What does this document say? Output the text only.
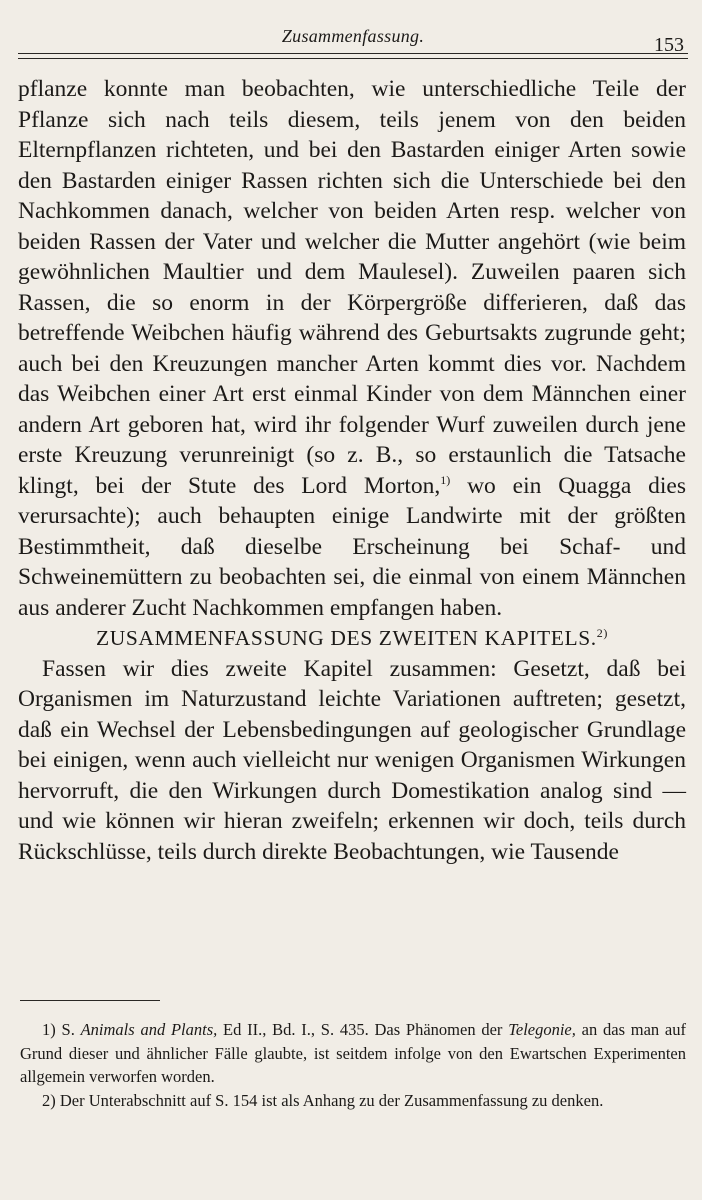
Zusammenfassung.	153

pflanze konnte man beobachten, wie unterschiedliche Teile der Pflanze sich nach teils diesem, teils jenem von den beiden Elternpflanzen richteten, und bei den Bastarden einiger Arten sowie den Bastarden einiger Rassen richten sich die Unterschiede bei den Nachkommen danach, welcher von beiden Arten resp. welcher von beiden Rassen der Vater und welcher die Mutter angehört (wie beim gewöhnlichen Maultier und dem Maulesel). Zuweilen paaren sich Rassen, die so enorm in der Körpergröße differieren, daß das betreffende Weibchen häufig während des Geburtsakts zugrunde geht; auch bei den Kreuzungen mancher Arten kommt dies vor. Nachdem das Weibchen einer Art erst einmal Kinder von dem Männchen einer andern Art geboren hat, wird ihr folgender Wurf zuweilen durch jene erste Kreuzung verunreinigt (so z. B., so erstaunlich die Tatsache klingt, bei der Stute des Lord Morton,$^{1)}$ wo ein Quagga dies verursachte); auch behaupten einige Landwirte mit der größten Bestimmtheit, daß dieselbe Erscheinung bei Schaf- und Schweinemüttern zu beobachten sei, die einmal von einem Männchen aus anderer Zucht Nachkommen empfangen haben.

ZUSAMMENFASSUNG DES ZWEITEN KAPITELS.$^{2)}$

Fassen wir dies zweite Kapitel zusammen: Gesetzt, daß bei Organismen im Naturzustand leichte Variationen auftreten; gesetzt, daß ein Wechsel der Lebensbedingungen auf geologischer Grundlage bei einigen, wenn auch vielleicht nur wenigen Organismen Wirkungen hervorruft, die den Wirkungen durch Domestikation analog sind — und wie können wir hieran zweifeln; erkennen wir doch, teils durch Rückschlüsse, teils durch direkte Beobachtungen, wie Tausende

1) S. Animals and Plants, Ed II., Bd. I., S. 435. Das Phänomen der Telegonie, an das man auf Grund dieser und ähnlicher Fälle glaubte, ist seitdem infolge von den Ewartschen Experimenten allgemein verworfen worden.

2) Der Unterabschnitt auf S. 154 ist als Anhang zu der Zusammenfassung zu denken.
